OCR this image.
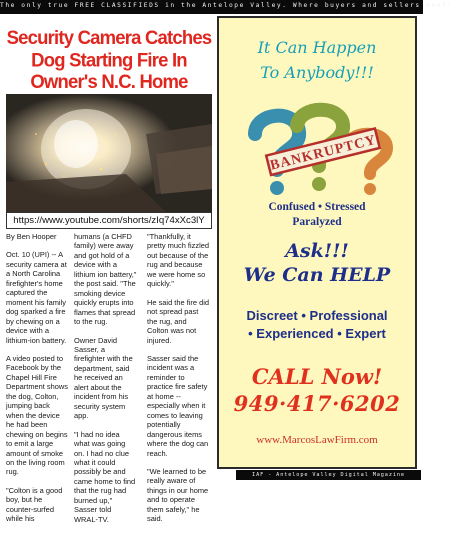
The only true FREE CLASSIFIEDS in the Antelope Valley. Where buyers and sellers meet!
Security Camera Catches Dog Starting Fire In Owner's N.C. Home
https://www.youtube.com/shorts/zIq74xXc3lY

By Ben Hooper

Oct. 10 (UPI) -- A security camera at a North Carolina firefighter's home captured the moment his family dog sparked a fire by chewing on a device with a lithium-ion battery.

A video posted to Facebook by the Chapel Hill Fire Department shows the dog, Colton, jumping back when the device he had been chewing on begins to emit a large amount of smoke on the living room rug.

"Colton is a good boy, but he counter-surfed while his

humans (a CHFD family) were away and got hold of a device with a lithium ion battery," the post said. "The smoking device quickly erupts into flames that spread to the rug.

Owner David Sasser, a firefighter with the department, said he received an alert about the incident from his security system app.

"I had no idea what was going on. I had no clue what it could possibly be and came home to find that the rug had burned up," Sasser told WRAL-TV.

"Thankfully, it pretty much fizzled out because of the rug and because we were home so quickly."

He said the fire did not spread past the rug, and Colton was not injured.

Sasser said the incident was a reminder to practice fire safety at home -- especially when it comes to leaving potentially dangerous items where the dog can reach.

"We learned to be really aware of things in our home and to operate them safely," he said.

It Can Happen
To Anybody!!!
BANKRUPTCY
Confused • Stressed
Paralyzed
Ask!!!
We Can HELP
Discreet • Professional
• Experienced • Expert
CALL Now!
949·417·6202
www.MarcosLawFirm.com
IAF - Antelope Valley Digital Magazine
